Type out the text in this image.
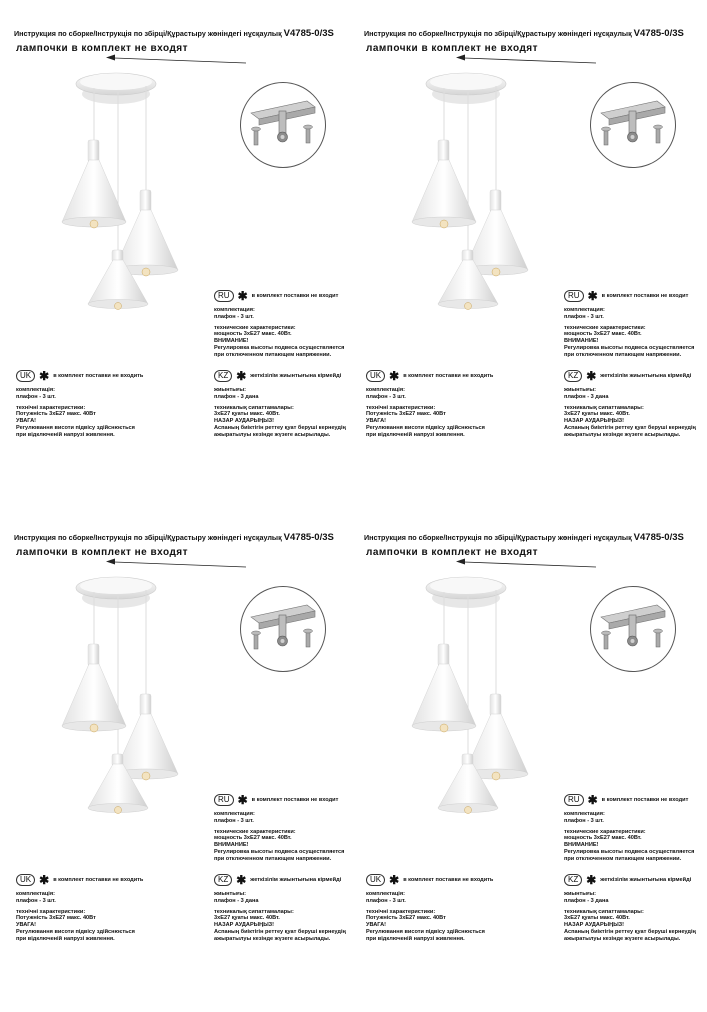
Инструкция по сборке/Інструкція по збірці/Құрастыру жөніндегі нұсқаулық V4785-0/3S
лампочки в комплект не входят
RU ✱ в комплект поставки не входит
комплектация:
плафон - 3 шт.
технические характеристики:
мощность 3хЕ27 макс. 40Вт.
ВНИМАНИЕ!
Регулировка высоты подвеса осуществляется
при отключенном питающем напряжении.
UK ✱ в комплект поставки не входить
комплектація:
плафон - 3 шт.
технічні характеристики:
Потужність 3хЕ27 макс. 40Вт
УВАГА!
Регулювання висоти підвісу здійснюється
при відключеній напрузі живлення.
KZ ✱ жеткізілім жиынтығына кірмейді
жиынтығы:
плафон - 3 дана
техникалық сипаттамалары:
3хЕ27 қуаты макс. 40Вт.
НАЗАР АУДАРЫҢЫЗ!
Аспаның биіктігін реттеу қуат беруші кернеудің
ажыратылуы кезінде жүзеге асырылады.
Инструкция по сборке/Інструкція по збірці/Құрастыру жөніндегі нұсқаулық V4785-0/3S
лампочки в комплект не входят
RU ✱ в комплект поставки не входит
комплектация:
плафон - 3 шт.
технические характеристики:
мощность 3хЕ27 макс. 40Вт.
ВНИМАНИЕ!
Регулировка высоты подвеса осуществляется
при отключенном питающем напряжении.
UK ✱ в комплект поставки не входить
комплектація:
плафон - 3 шт.
технічні характеристики:
Потужність 3хЕ27 макс. 40Вт
УВАГА!
Регулювання висоти підвісу здійснюється
при відключеній напрузі живлення.
KZ ✱ жеткізілім жиынтығына кірмейді
жиынтығы:
плафон - 3 дана
техникалық сипаттамалары:
3хЕ27 қуаты макс. 40Вт.
НАЗАР АУДАРЫҢЫЗ!
Аспаның биіктігін реттеу қуат беруші кернеудің
ажыратылуы кезінде жүзеге асырылады.
Инструкция по сборке/Інструкція по збірці/Құрастыру жөніндегі нұсқаулық V4785-0/3S
лампочки в комплект не входят
RU ✱ в комплект поставки не входит
комплектация:
плафон - 3 шт.
технические характеристики:
мощность 3хЕ27 макс. 40Вт.
ВНИМАНИЕ!
Регулировка высоты подвеса осуществляется
при отключенном питающем напряжении.
UK ✱ в комплект поставки не входить
комплектація:
плафон - 3 шт.
технічні характеристики:
Потужність 3хЕ27 макс. 40Вт
УВАГА!
Регулювання висоти підвісу здійснюється
при відключеній напрузі живлення.
KZ ✱ жеткізілім жиынтығына кірмейді
жиынтығы:
плафон - 3 дана
техникалық сипаттамалары:
3хЕ27 қуаты макс. 40Вт.
НАЗАР АУДАРЫҢЫЗ!
Аспаның биіктігін реттеу қуат беруші кернеудің
ажыратылуы кезінде жүзеге асырылады.
Инструкция по сборке/Інструкція по збірці/Құрастыру жөніндегі нұсқаулық V4785-0/3S
лампочки в комплект не входят
RU ✱ в комплект поставки не входит
комплектация:
плафон - 3 шт.
технические характеристики:
мощность 3хЕ27 макс. 40Вт.
ВНИМАНИЕ!
Регулировка высоты подвеса осуществляется
при отключенном питающем напряжении.
UK ✱ в комплект поставки не входить
комплектація:
плафон - 3 шт.
технічні характеристики:
Потужність 3хЕ27 макс. 40Вт
УВАГА!
Регулювання висоти підвісу здійснюється
при відключеній напрузі живлення.
KZ ✱ жеткізілім жиынтығына кірмейді
жиынтығы:
плафон - 3 дана
техникалық сипаттамалары:
3хЕ27 қуаты макс. 40Вт.
НАЗАР АУДАРЫҢЫЗ!
Аспаның биіктігін реттеу қуат беруші кернеудің
ажыратылуы кезінде жүзеге асырылады.
